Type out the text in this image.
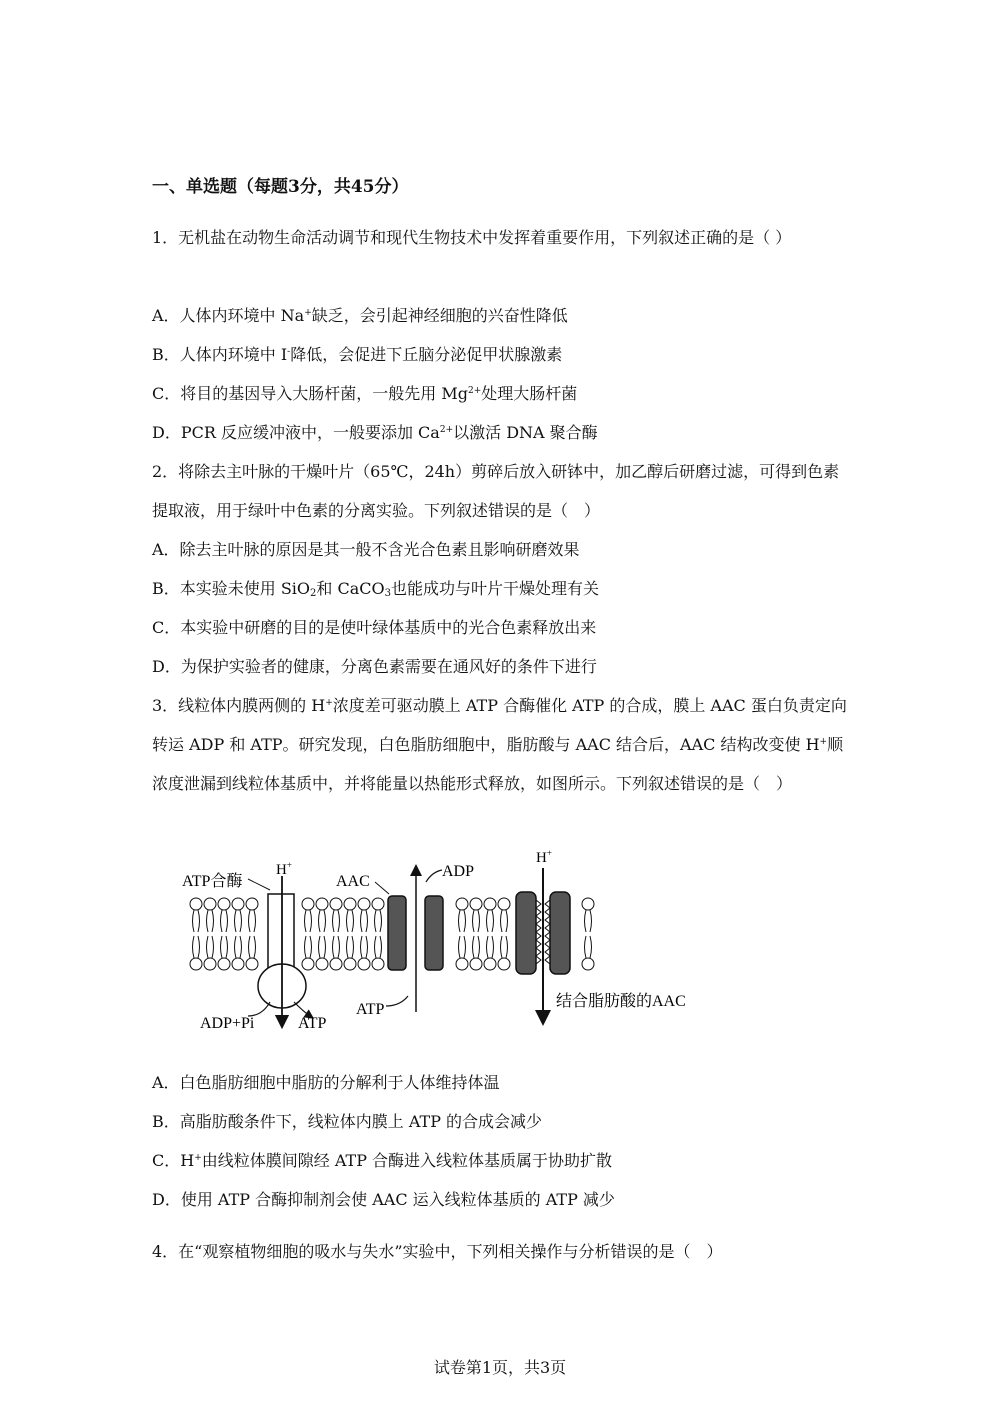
一、单选题（每题3分，共45分）
1．无机盐在动物生命活动调节和现代生物技术中发挥着重要作用，下列叙述正确的是（ ）
A．人体内环境中 Na+缺乏，会引起神经细胞的兴奋性降低
B．人体内环境中 I-降低，会促进下丘脑分泌促甲状腺激素
C．将目的基因导入大肠杆菌，一般先用 $Mg^{2+}$处理大肠杆菌
D．PCR 反应缓冲液中，一般要添加 $Ca^{2+}$以激活 DNA 聚合酶
2．将除去主叶脉的干燥叶片（65℃，24h）剪碎后放入研钵中，加乙醇后研磨过滤，可得到色素提取液，用于绿叶中色素的分离实验。下列叙述错误的是（　）
A．除去主叶脉的原因是其一般不含光合色素且影响研磨效果
B．本实验未使用 SiO$_2$和 CaCO$_3$也能成功与叶片干燥处理有关
C．本实验中研磨的目的是使叶绿体基质中的光合色素释放出来
D．为保护实验者的健康，分离色素需要在通风好的条件下进行
3．线粒体内膜两侧的 H+浓度差可驱动膜上 ATP 合酶催化 ATP 的合成，膜上 AAC 蛋白负责定向转运 ADP 和 ATP。研究发现，白色脂肪细胞中，脂肪酸与 AAC 结合后，AAC 结构改变使 H+顺浓度泄漏到线粒体基质中，并将能量以热能形式释放，如图所示。下列叙述错误的是（　）
ATP合酶
H+
AAC
ADP
H+
ADP+Pi	ATP
ATP	结合脂肪酸的AAC
A．白色脂肪细胞中脂肪的分解利于人体维持体温
B．高脂肪酸条件下，线粒体内膜上 ATP 的合成会减少
C．H+由线粒体膜间隙经 ATP 合酶进入线粒体基质属于协助扩散
D．使用 ATP 合酶抑制剂会使 AAC 运入线粒体基质的 ATP 减少
4．在“观察植物细胞的吸水与失水”实验中，下列相关操作与分析错误的是（　）
试卷第1页，共3页
